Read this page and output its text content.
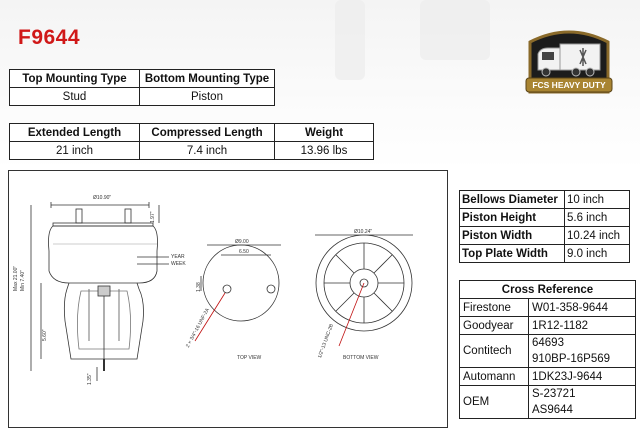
F9644
Top Mounting Type	Bottom Mounting Type
Stud	Piston
Extended Length	Compressed Length	Weight
21 inch	7.4 inch	13.96 lbs
FCS HEAVY DUTY
Ø10.90"
Max 21.00" Min 7.40"
1.97"
YEAR
WEEK
5.60"
1.35"
Ø9.00
6.50
1.38
2 × 3/4"-16 UNF-2A
TOP VIEW
Ø10.24"
1/2"-13 UNC-2B BOTTOM VIEW
Bellows Diameter	10 inch
Piston Height	5.6 inch
Piston Width	10.24 inch
Top Plate Width	9.0 inch
Cross Reference	
Firestone	W01-358-9644

Goodyear	1R12-1182

Contitech	64693
910BP-16P569

Automann	1DK23J-9644

OEM	S-23721
AS9644
